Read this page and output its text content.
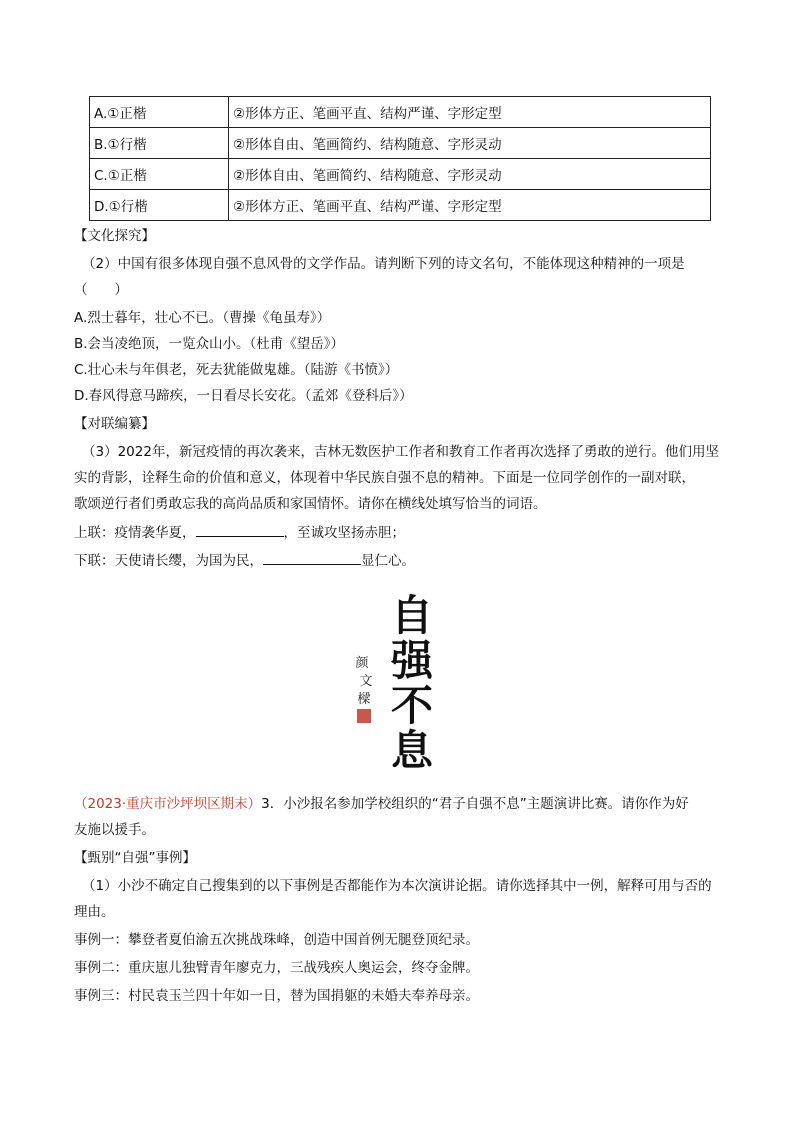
A.①正楷	②形体方正、笔画平直、结构严谨、字形定型
B.①行楷	②形体自由、笔画简约、结构随意、字形灵动
C.①正楷	②形体自由、笔画简约、结构随意、字形灵动
D.①行楷	②形体方正、笔画平直、结构严谨、字形定型
【文化探究】
（2）中国有很多体现自强不息风骨的文学作品。请判断下列的诗文名句，不能体现这种精神的一项是
（　　）
A.烈士暮年，壮心不已。（曹操《龟虽寿》）
B.会当凌绝顶，一览众山小。（杜甫《望岳》）
C.壮心未与年俱老，死去犹能做鬼雄。（陆游《书愤》）
D.春风得意马蹄疾，一日看尽长安花。（孟郊《登科后》）
【对联编纂】
（3）2022年，新冠疫情的再次袭来，吉林无数医护工作者和教育工作者再次选择了勇敢的逆行。他们用坚
实的背影，诠释生命的价值和意义，体现着中华民族自强不息的精神。下面是一位同学创作的一副对联，
歌颂逆行者们勇敢忘我的高尚品质和家国情怀。请你在横线处填写恰当的词语。
上联：疫情袭华夏，	，至诚攻坚扬赤胆；
下联：天使请长缨，为国为民，	显仁心。
自
强
不
息
颜
文
樑
（2023·重庆市沙坪坝区期末）3．小沙报名参加学校组织的“君子自强不息”主题演讲比赛。请你作为好
友施以援手。
【甄别“自强”事例】
（1）小沙不确定自己搜集到的以下事例是否都能作为本次演讲论据。请你选择其中一例，解释可用与否的
理由。
事例一：攀登者夏伯渝五次挑战珠峰，创造中国首例无腿登顶纪录。
事例二：重庆崽儿独臂青年廖克力，三战残疾人奥运会，终夺金牌。
事例三：村民袁玉兰四十年如一日，替为国捐躯的未婚夫奉养母亲。
